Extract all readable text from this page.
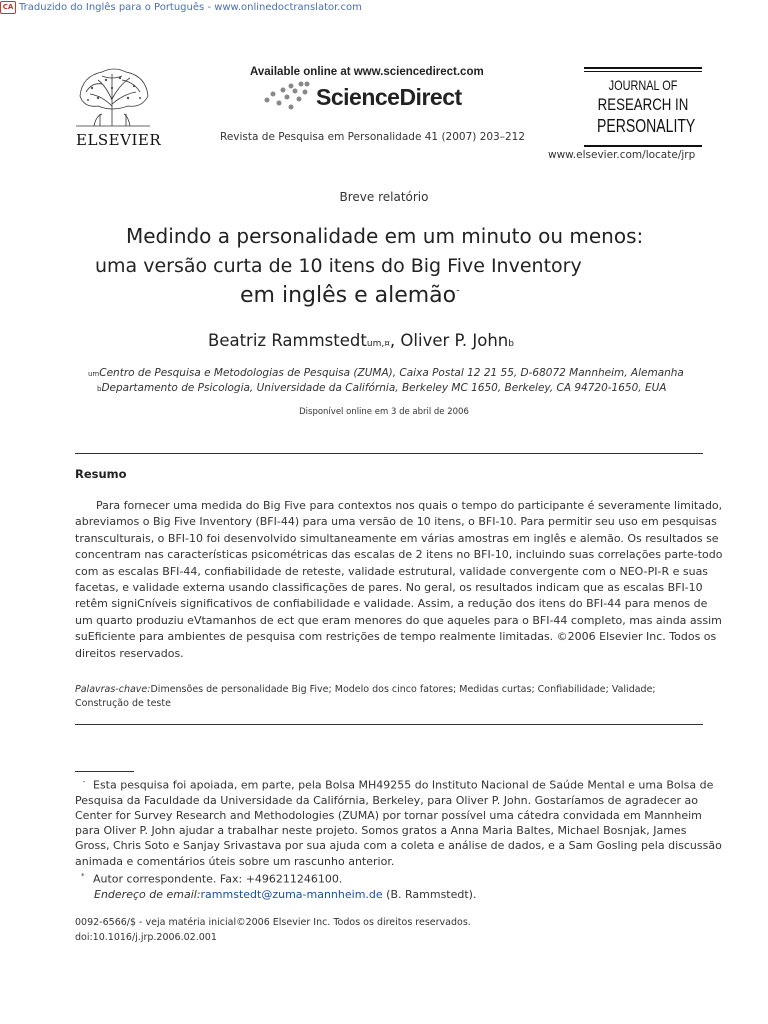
CA Traduzido do Inglês para o Português - www.onlinedoctranslator.com
ELSEVIER
Available online at www.sciencedirect.com
ScienceDirect
Revista de Pesquisa em Personalidade 41 (2007) 203–212
JOURNAL OF
RESEARCH IN
PERSONALITY
www.elsevier.com/locate/jrp
Breve relatório
Medindo a personalidade em um minuto ou menos:
uma versão curta de 10 itens do Big Five Inventory
em inglês e alemão-
Beatriz Rammstedtum,¤, Oliver P. Johnb
umCentro de Pesquisa e Metodologias de Pesquisa (ZUMA), Caixa Postal 12 21 55, D-68072 Mannheim, Alemanha
bDepartamento de Psicologia, Universidade da Califórnia, Berkeley MC 1650, Berkeley, CA 94720-1650, EUA
Disponível online em 3 de abril de 2006
Resumo
Para fornecer uma medida do Big Five para contextos nos quais o tempo do participante é severamente limitado,
abreviamos o Big Five Inventory (BFI-44) para uma versão de 10 itens, o BFI-10. Para permitir seu uso em pesquisas
transculturais, o BFI-10 foi desenvolvido simultaneamente em várias amostras em inglês e alemão. Os resultados se
concentram nas características psicométricas das escalas de 2 itens no BFI-10, incluindo suas correlações parte-todo
com as escalas BFI-44, confiabilidade de reteste, validade estrutural, validade convergente com o NEO-PI-R e suas
facetas, e validade externa usando classificações de pares. No geral, os resultados indicam que as escalas BFI-10
retêm signiCníveis significativos de confiabilidade e validade. Assim, a redução dos itens do BFI-44 para menos de
um quarto produziu eVtamanhos de ect que eram menores do que aqueles para o BFI-44 completo, mas ainda assim
suEficiente para ambientes de pesquisa com restrições de tempo realmente limitadas. ©2006 Elsevier Inc. Todos os
direitos reservados.
Palavras-chave:Dimensões de personalidade Big Five; Modelo dos cinco fatores; Medidas curtas; Confiabilidade; Validade; Construção de teste
- Esta pesquisa foi apoiada, em parte, pela Bolsa MH49255 do Instituto Nacional de Saúde Mental e uma Bolsa de
Pesquisa da Faculdade da Universidade da Califórnia, Berkeley, para Oliver P. John. Gostaríamos de agradecer ao
Center for Survey Research and Methodologies (ZUMA) por tornar possível uma cátedra convidada em Mannheim
para Oliver P. John ajudar a trabalhar neste projeto. Somos gratos a Anna Maria Baltes, Michael Bosnjak, James
Gross, Chris Soto e Sanjay Srivastava por sua ajuda com a coleta e análise de dados, e a Sam Gosling pela discussão
animada e comentários úteis sobre um rascunho anterior.
* Autor correspondente. Fax: +496211246100.
Endereço de email:rammstedt@zuma-mannheim.de (B. Rammstedt).
0092-6566/$ - veja matéria inicial©2006 Elsevier Inc. Todos os direitos reservados.
doi:10.1016/j.jrp.2006.02.001
